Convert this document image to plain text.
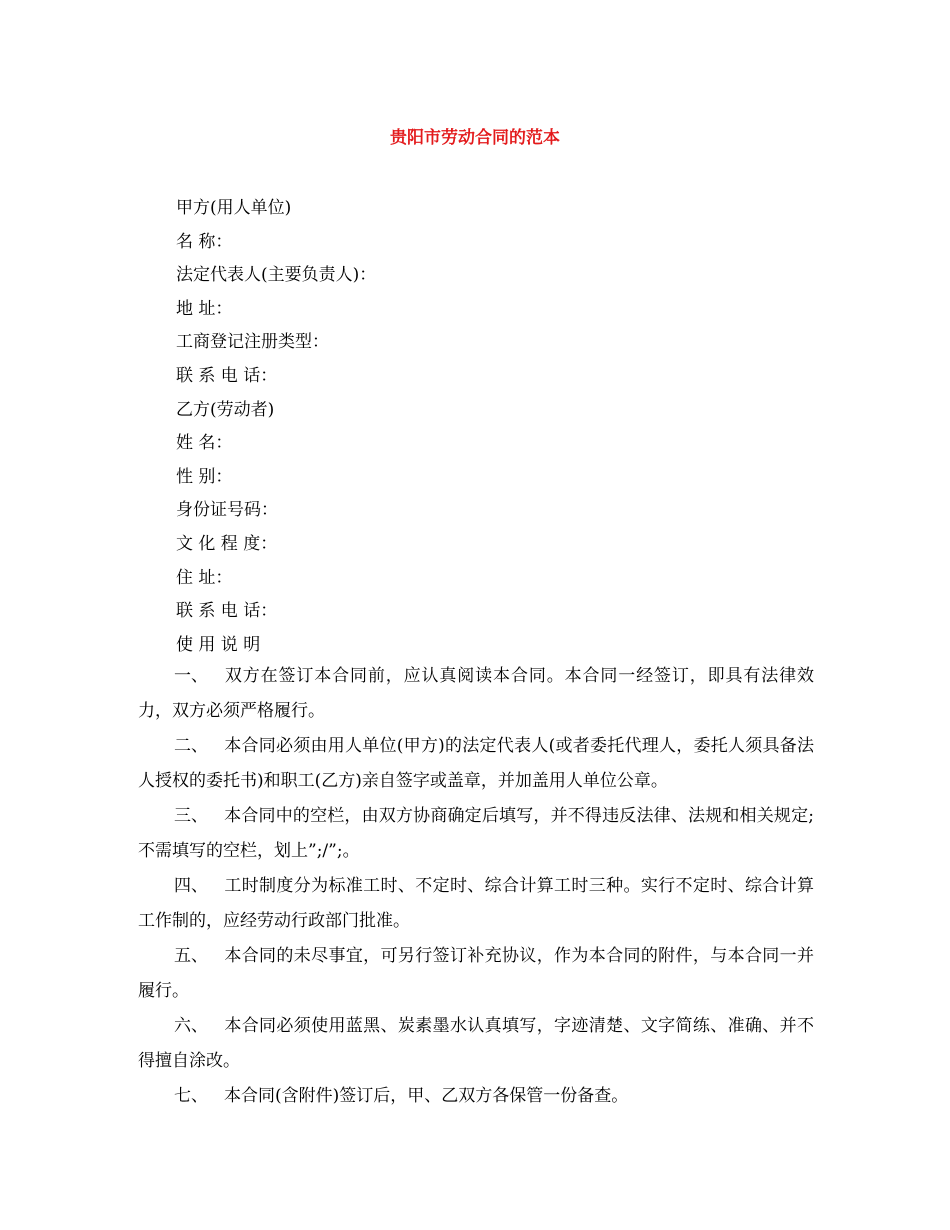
贵阳市劳动合同的范本
甲方(用人单位)
名 称：
法定代表人(主要负责人)：
地 址：
工商登记注册类型：
联 系 电 话：
乙方(劳动者)
姓 名：
性 别：
身份证号码：
文 化 程 度：
住 址：
联 系 电 话：
使 用 说 明

一、 双方在签订本合同前，应认真阅读本合同。本合同一经签订，即具有法律效力，双方必须严格履行。

二、 本合同必须由用人单位(甲方)的法定代表人(或者委托代理人，委托人须具备法人授权的委托书)和职工(乙方)亲自签字或盖章，并加盖用人单位公章。

三、 本合同中的空栏，由双方协商确定后填写，并不得违反法律、法规和相关规定;不需填写的空栏，划上”;/”;。

四、 工时制度分为标准工时、不定时、综合计算工时三种。实行不定时、综合计算工作制的，应经劳动行政部门批准。

五、 本合同的未尽事宜，可另行签订补充协议，作为本合同的附件，与本合同一并履行。

六、 本合同必须使用蓝黑、炭素墨水认真填写，字迹清楚、文字简练、准确、并不得擅自涂改。

七、 本合同(含附件)签订后，甲、乙双方各保管一份备查。
